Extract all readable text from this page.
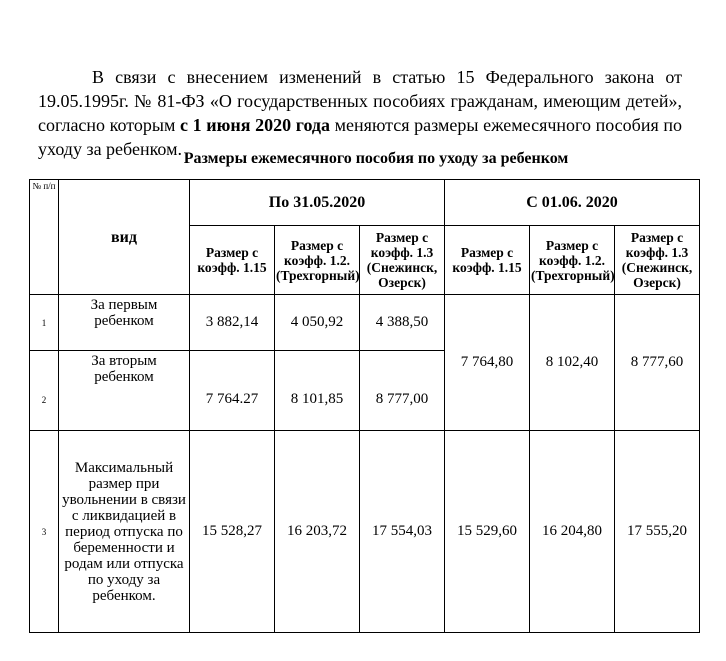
В связи с внесением изменений в статью 15 Федерального закона от 19.05.1995г. № 81-ФЗ «О государственных пособиях гражданам, имеющим детей», согласно которым с 1 июня 2020 года меняются размеры ежемесячного пособия по уходу за ребенком. Размеры ежемесячного пособия по уходу за ребенком
№ п/п	вид	По 31.05.2020			С 01.06. 2020		
		Размер с коэфф. 1.15	Размер с коэфф. 1.2. (Трехгорный)	Размер с коэфф. 1.3 (Снежинск, Озерск)	Размер с коэфф. 1.15	Размер с коэфф. 1.2. (Трехгорный)	Размер с коэфф. 1.3 (Снежинск, Озерск)
1	За первым ребенком	3 882,14	4 050,92	4 388,50	7 764,80	8 102,40	8 777,60
2	За вторым ребенком	7 764.27	8 101,85	8 777,00			
3	Максимальный размер при увольнении в связи с ликвидацией в период отпуска по беременности и родам или отпуска по уходу за ребенком.	15 528,27	16 203,72	17 554,03	15 529,60	16 204,80	17 555,20
